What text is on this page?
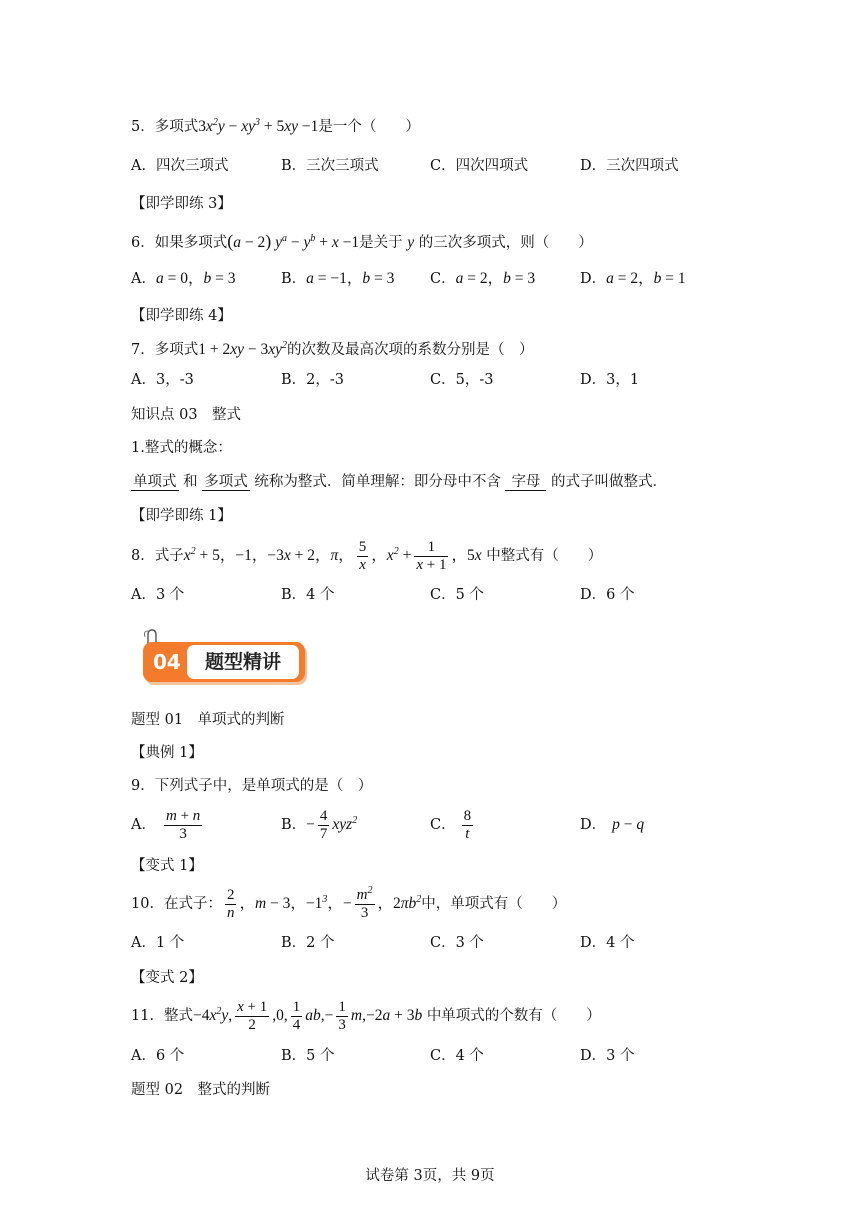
5．多项式$3x^2y - xy^3 + 5xy -1$是一个（　　）
A．四次三项式	B．三次三项式	C．四次四项式	D．三次四项式
【即学即练 3】
6．如果多项式(a − 2) $y^a - y^b + x -1$是关于 y 的三次多项式，则（　　）
A．a = 0，b = 3	B．a = −1，b = 3 C．a = 2，b = 3	D．a = 2，b = 1
【即学即练 4】
7．多项式$1 + 2xy - 3xy^2$的次数及最高次项的系数分别是（　）
A．3，-3	B．2，-3	C．5，-3	D．3，1
知识点 03　整式
1.整式的概念：
单项式 和 多项式 统称为整式．简单理解：即分母中不含 字母 的式子叫做整式．
【即学即练 1】
8．式子$x^2 + 5$，−1，−3x + 2，π， $\frac{5}{x}$ ，$x^2 + \frac{1}{x + 1}$ ，5x 中整式有（　　）
A．3 个	B．4 个	C．5 个	D．6 个
04	题型精讲
题型 01　单项式的判断
【典例 1】
9．下列式子中，是单项式的是（　）
A． $\frac{m + n}{3}$	B．− $\frac{4}{7} xyz^2$	C． $\frac{8}{t}$	D． p − q
【变式 1】
10．在式子： $\frac{2}{n}$ ，m − 3，$-1^3$，− $\frac{m^2}{3}$ ，$2\pi b^2$中，单项式有（　　）
A．1 个	B．2 个	C．3 个	D．4 个
【变式 2】
11．整式$-4x^2y$, $\frac{x + 1}{2} ,0$, $\frac{1}{4} ab,- \frac{1}{3} m,-2a + 3b$ 中单项式的个数有（　　）
A．6 个	B．5 个	C．4 个	D．3 个
题型 02　整式的判断
试卷第 3页，共 9页
